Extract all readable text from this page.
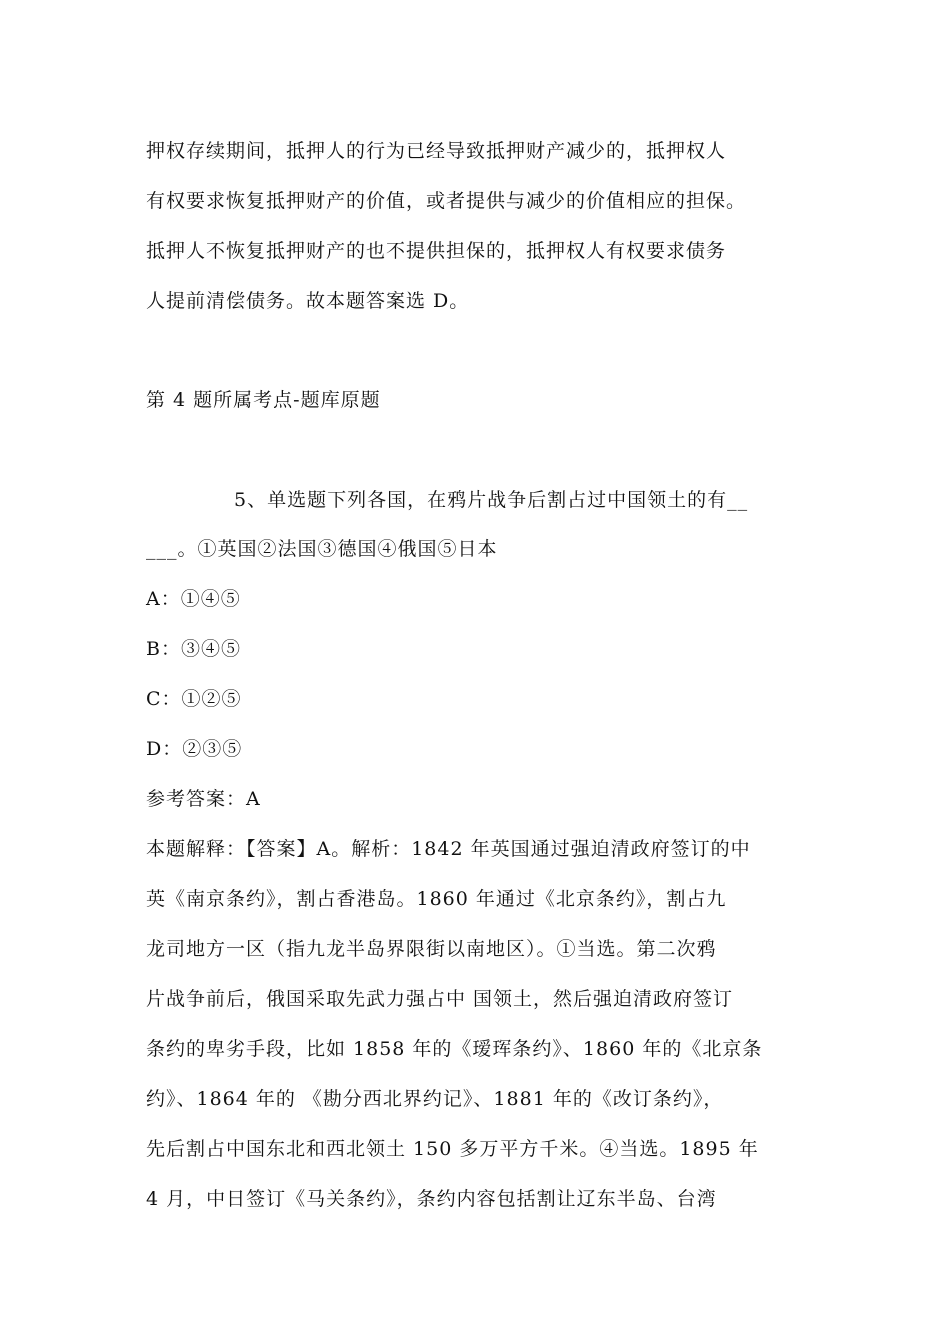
押权存续期间，抵押人的行为已经导致抵押财产减少的，抵押权人
有权要求恢复抵押财产的价值，或者提供与减少的价值相应的担保。
抵押人不恢复抵押财产的也不提供担保的，抵押权人有权要求债务
人提前清偿债务。故本题答案选 D。
第 4 题所属考点-题库原题
5、单选题下列各国，在鸦片战争后割占过中国领土的有__
___。①英国②法国③德国④俄国⑤日本
A：①④⑤
B：③④⑤
C：①②⑤
D：②③⑤
参考答案：A
本题解释：【答案】A。解析：1842 年英国通过强迫清政府签订的中
英《南京条约》，割占香港岛。1860 年通过《北京条约》，割占九
龙司地方一区（指九龙半岛界限街以南地区）。①当选。第二次鸦
片战争前后，俄国采取先武力强占中 国领土，然后强迫清政府签订
条约的卑劣手段，比如 1858 年的《瑷珲条约》、1860 年的《北京条
约》、1864 年的 《勘分西北界约记》、1881 年的《改订条约》，
先后割占中国东北和西北领土 150 多万平方千米。④当选。1895 年
4 月，中日签订《马关条约》，条约内容包括割让辽东半岛、台湾
